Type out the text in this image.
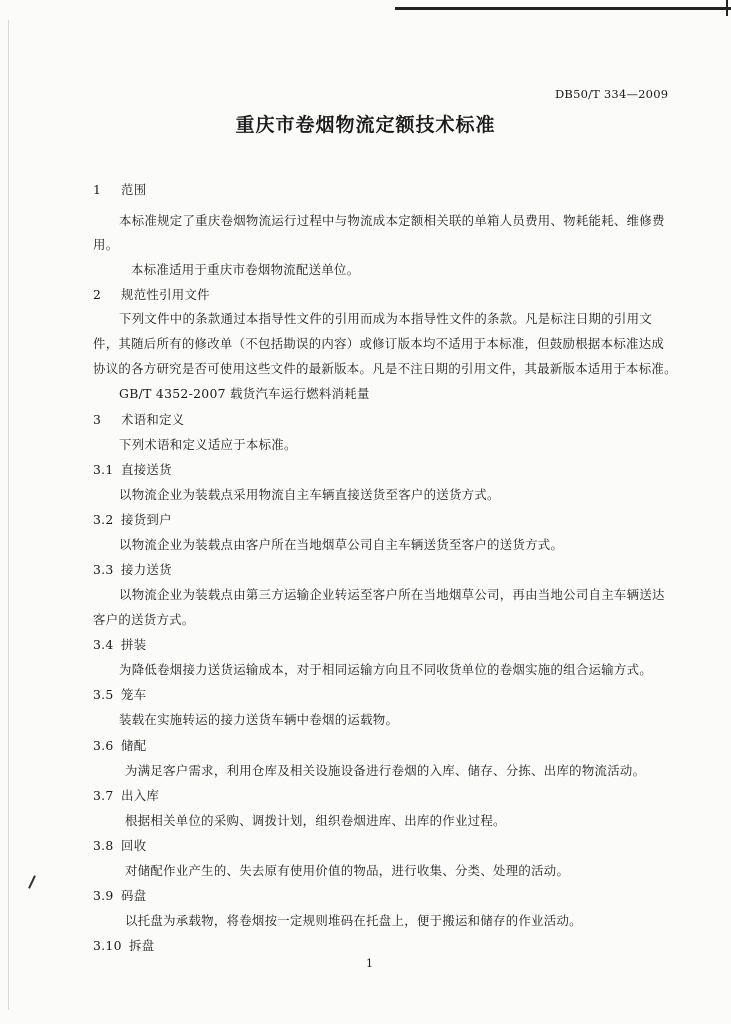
DB50/T 334—2009
重庆市卷烟物流定额技术标准
1 范围
本标准规定了重庆卷烟物流运行过程中与物流成本定额相关联的单箱人员费用、物耗能耗、维修费
用。
本标准适用于重庆市卷烟物流配送单位。
2 规范性引用文件
下列文件中的条款通过本指导性文件的引用而成为本指导性文件的条款。凡是标注日期的引用文
件，其随后所有的修改单（不包括勘误的内容）或修订版本均不适用于本标准，但鼓励根据本标准达成
协议的各方研究是否可使用这些文件的最新版本。凡是不注日期的引用文件，其最新版本适用于本标准。
GB/T 4352-2007 载货汽车运行燃料消耗量
3 术语和定义
下列术语和定义适应于本标准。
3.1 直接送货
以物流企业为装载点采用物流自主车辆直接送货至客户的送货方式。
3.2 接货到户
以物流企业为装载点由客户所在当地烟草公司自主车辆送货至客户的送货方式。
3.3 接力送货
以物流企业为装载点由第三方运输企业转运至客户所在当地烟草公司，再由当地公司自主车辆送达
客户的送货方式。
3.4 拼装
为降低卷烟接力送货运输成本，对于相同运输方向且不同收货单位的卷烟实施的组合运输方式。
3.5 笼车
装载在实施转运的接力送货车辆中卷烟的运载物。
3.6 储配
为满足客户需求，利用仓库及相关设施设备进行卷烟的入库、储存、分拣、出库的物流活动。
3.7 出入库
根据相关单位的采购、调拨计划，组织卷烟进库、出库的作业过程。
3.8 回收
对储配作业产生的、失去原有使用价值的物品，进行收集、分类、处理的活动。
3.9 码盘
以托盘为承载物，将卷烟按一定规则堆码在托盘上，便于搬运和储存的作业活动。
3.10 拆盘
1
